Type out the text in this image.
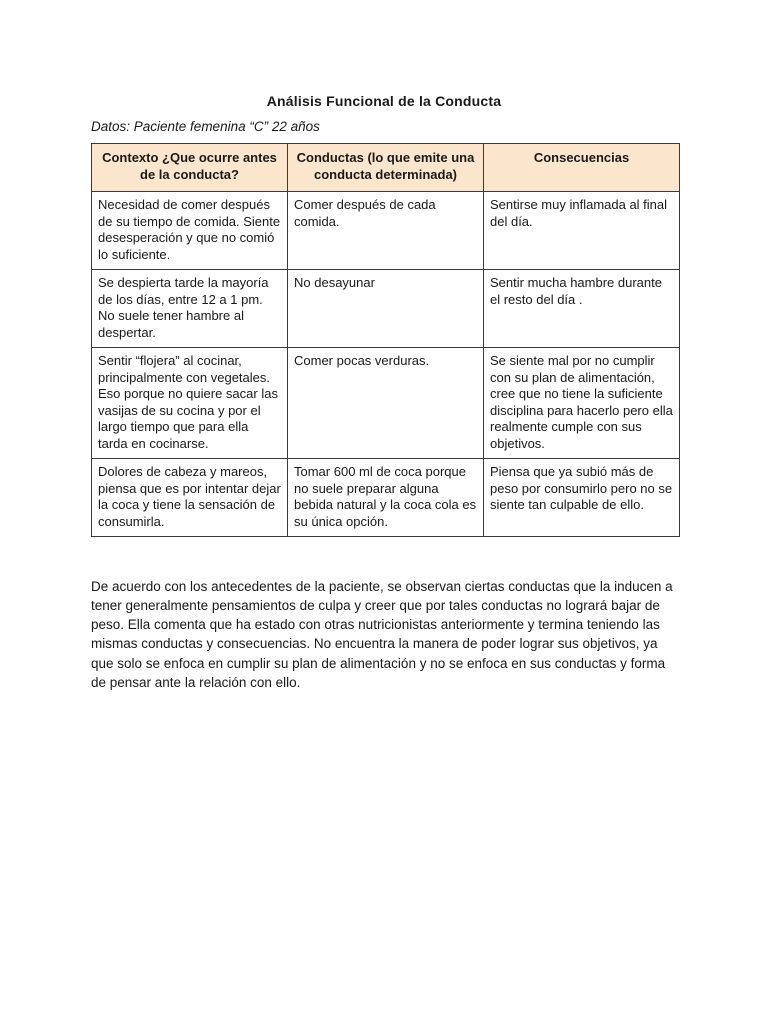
Análisis Funcional de la Conducta
Datos: Paciente femenina “C” 22 años
Contexto ¿Que ocurre antes de la conducta?	Conductas (lo que emite una conducta determinada)	Consecuencias
Necesidad de comer después de su tiempo de comida. Siente desesperación y que no comió lo suficiente.	Comer después de cada comida.	Sentirse muy inflamada al final del día.
Se despierta tarde la mayoría de los días, entre 12 a 1 pm. No suele tener hambre al despertar.	No desayunar	Sentir mucha hambre durante el resto del día .
Sentir “flojera” al cocinar, principalmente con vegetales. Eso porque no quiere sacar las vasijas de su cocina y por el largo tiempo que para ella tarda en cocinarse.	Comer pocas verduras.	Se siente mal por no cumplir con su plan de alimentación, cree que no tiene la suficiente disciplina para hacerlo pero ella realmente cumple con sus objetivos.
Dolores de cabeza y mareos, piensa que es por intentar dejar la coca y tiene la sensación de consumirla.	Tomar 600 ml de coca porque no suele preparar alguna bebida natural y la coca cola es su única opción.	Piensa que ya subió más de peso por consumirlo pero no se siente tan culpable de ello.

De acuerdo con los antecedentes de la paciente, se observan ciertas conductas que la inducen a tener generalmente pensamientos de culpa y creer que por tales conductas no logrará bajar de peso. Ella comenta que ha estado con otras nutricionistas anteriormente y termina teniendo las mismas conductas y consecuencias. No encuentra la manera de poder lograr sus objetivos, ya que solo se enfoca en cumplir su plan de alimentación y no se enfoca en sus conductas y forma de pensar ante la relación con ello.
